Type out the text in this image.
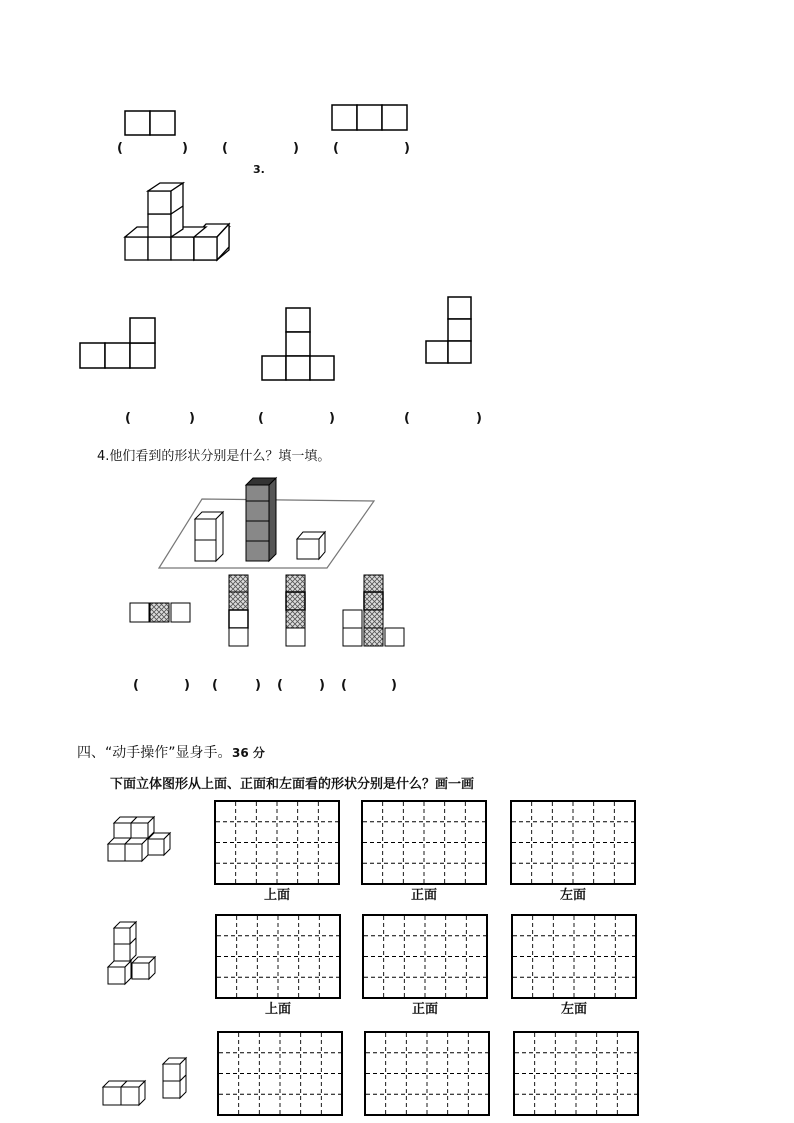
(	)	(	)	(	)
3.
(	)	(	)	(	)
4.他们看到的形状分别是什么？填一填。
(	) (	) (	) (	)
四、“动手操作”显身手。 36 分
下面立体图形从上面、正面和左面看的形状分别是什么？画一画
上面	正面	左面
上面	正面	左面
